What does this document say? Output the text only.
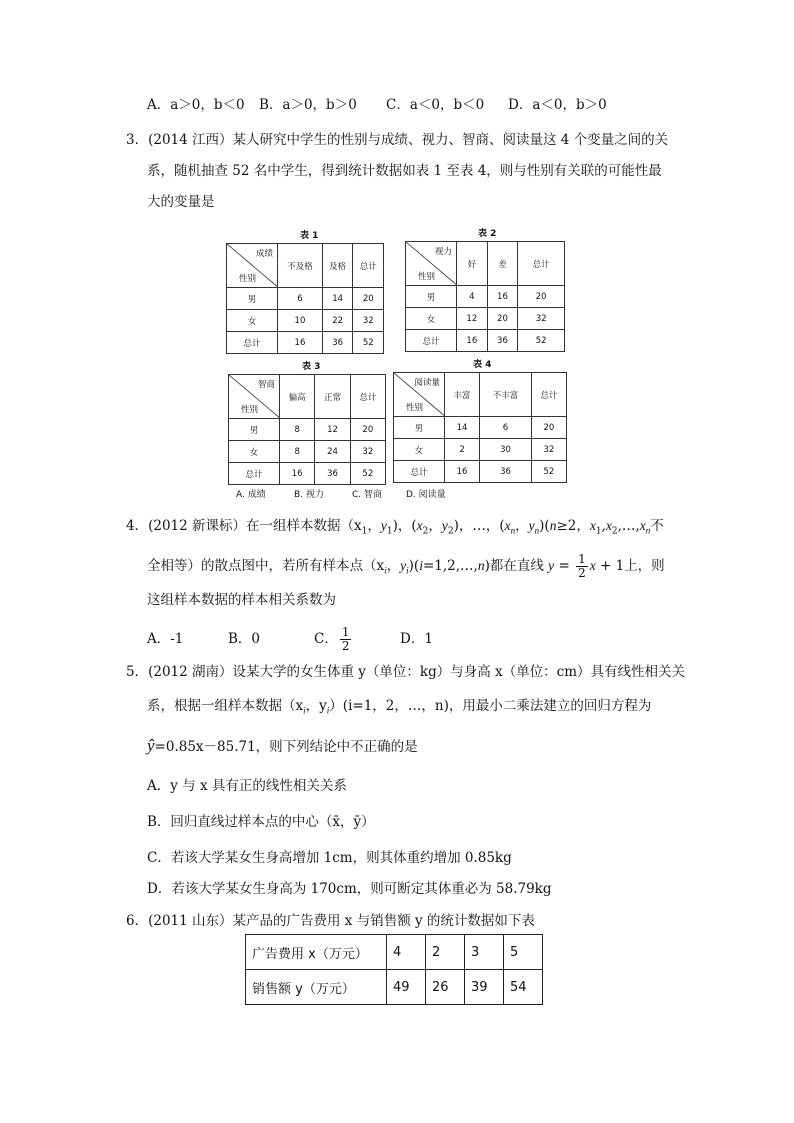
A．a＞0，b＜0 B．a＞0，b＞0 C．a＜0，b＜0 D．a＜0，b＞0
3．(2014 江西）某人研究中学生的性别与成绩、视力、智商、阅读量这 4 个变量之间的关
系，随机抽查 52 名中学生，得到统计数据如表 1 至表 4，则与性别有关联的可能性最
大的变量是
表 1
成绩
性别	不及格	及格	总计
男	6	14	20
女	10	22	32
总计	16	36	52
表 2
视力
性别	好	差	总计
男	4	16	20
女	12	20	32
总计	16	36	52
表 3
智商
性别	偏高	正常	总计
男	8	12	20
女	8	24	32
总计	16	36	52
表 4
阅读量
性别	丰富	不丰富	总计
男	14	6	20
女	2	30	32
总计	16	36	52
A. 成绩	B. 视力	C. 智商	D. 阅读量
4．(2012 新课标）在一组样本数据（$x_1$，$y_1$)，($x_2$，$y_2$)，…，($x_n$，$y_n)(n\ge 2$，$x_1,x_2,\dots,x_n$不
全相等）的散点图中，若所有样本点（$x_i$，$y_i)(i=1,2,\dots,n)$都在直线 $y = \frac{1}{2}$ x + 1上，则
这组样本数据的样本相关系数为
A．-1	B．0	C． $\frac{1}{2}$	D．1
5．(2012 湖南）设某大学的女生体重 y（单位：kg）与身高 x（单位：cm）具有线性相关关
系，根据一组样本数据（$x_i$，$y_i)(i=1$，2，…，n)，用最小二乘法建立的回归方程为
ŷ=0.85x－85.71，则下列结论中不正确的是
A．y 与 x 具有正的线性相关关系
B．回归直线过样本点的中心（x̄，ȳ）
C．若该大学某女生身高增加 1cm，则其体重约增加 0.85kg
D．若该大学某女生身高为 170cm，则可断定其体重必为 58.79kg
6．(2011 山东）某产品的广告费用 x 与销售额 y 的统计数据如下表
广告费用 x（万元）	4	2	3	5
销售额 y（万元）	49	26	39	54
